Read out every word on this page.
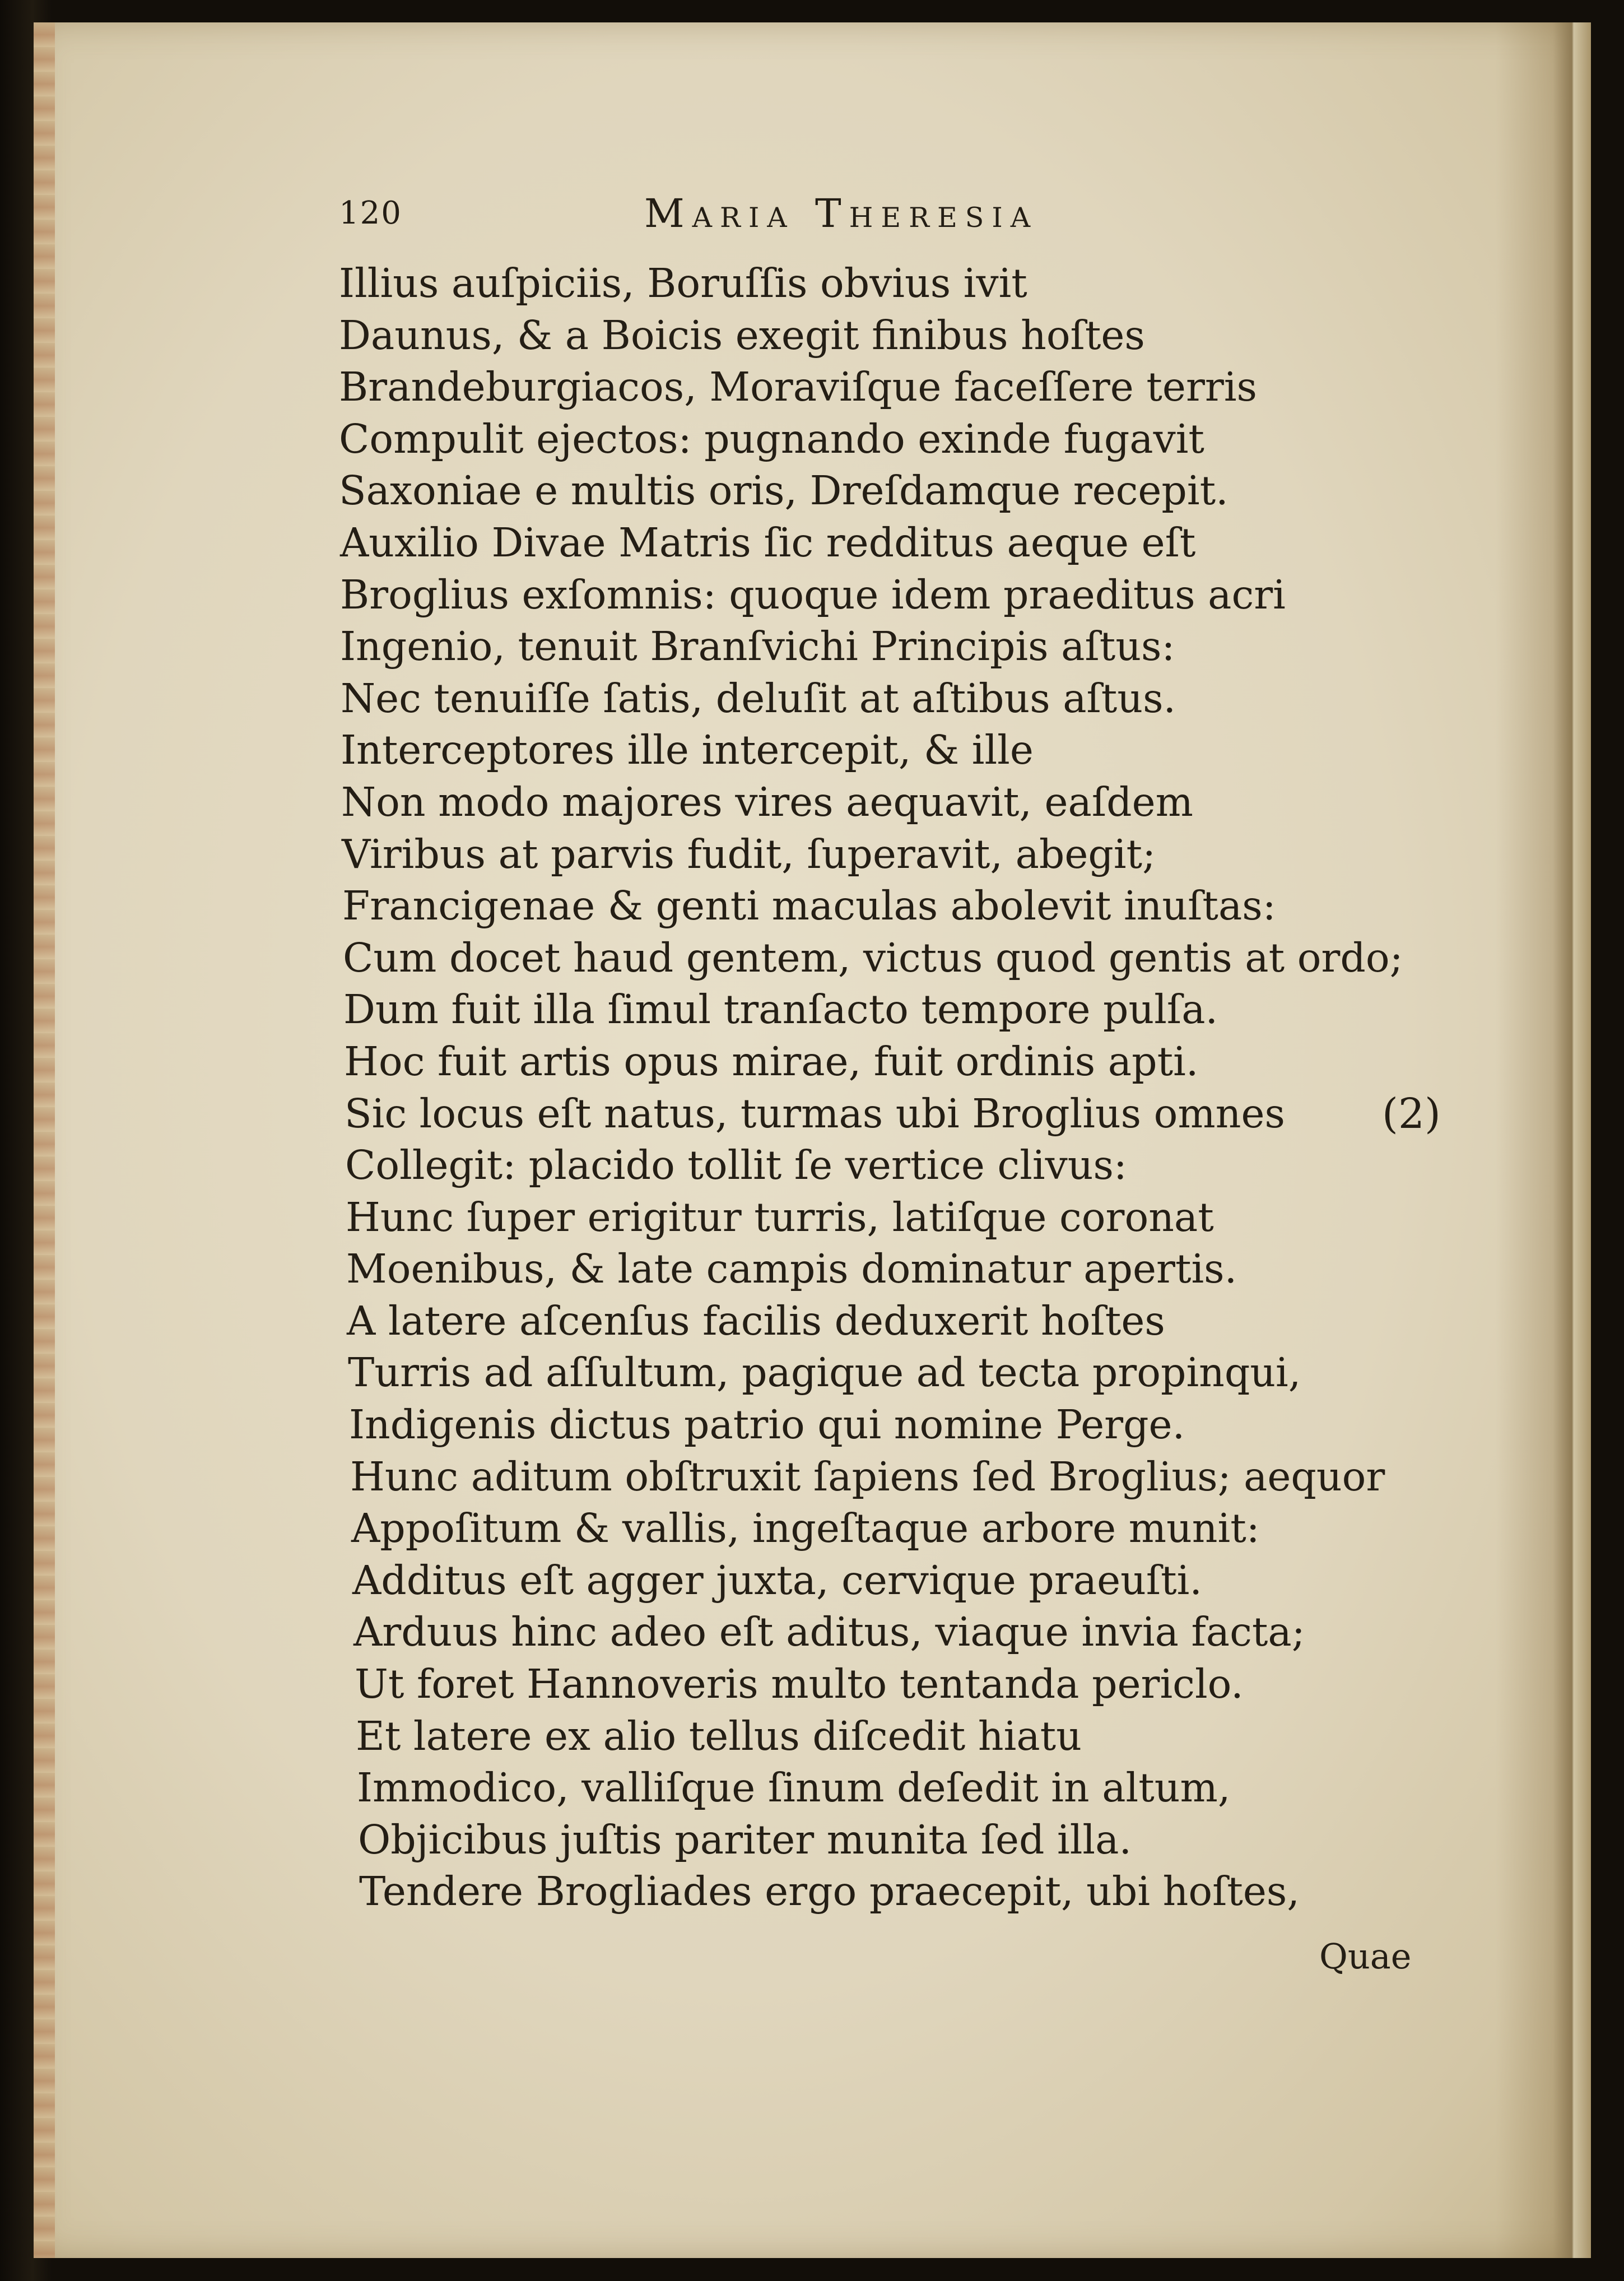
120	Maria Theresia
Illius auſpiciis, Boruſſis obvius ivit
Daunus, & a Boicis exegit finibus hoſtes
Brandeburgiacos, Moraviſque faceſſere terris
Compulit ejectos: pugnando exinde fugavit
Saxoniae e multis oris, Dreſdamque recepit.
Auxilio Divae Matris ſic redditus aeque eſt
Broglius exſomnis: quoque idem praeditus acri
Ingenio, tenuit Branſvichi Principis aſtus:
Nec tenuiſſe ſatis, deluſit at aſtibus aſtus.
Interceptores ille intercepit, & ille
Non modo majores vires aequavit, eaſdem
Viribus at parvis fudit, ſuperavit, abegit;
Francigenae & genti maculas abolevit inuſtas:
Cum docet haud gentem, victus quod gentis at ordo;
Dum fuit illa ſimul tranſacto tempore pulſa.
Hoc fuit artis opus mirae, fuit ordinis apti.
Sic locus eſt natus, turmas ubi Broglius omnes (2)
Collegit: placido tollit ſe vertice clivus:
Hunc ſuper erigitur turris, latiſque coronat
Moenibus, & late campis dominatur apertis.
A latere aſcenſus facilis deduxerit hoſtes
Turris ad aſſultum, pagique ad tecta propinqui,
Indigenis dictus patrio qui nomine Perge.
Hunc aditum obſtruxit ſapiens ſed Broglius; aequor
Appoſitum & vallis, ingeſtaque arbore munit:
Additus eſt agger juxta, cervique praeuſti.
Arduus hinc adeo eſt aditus, viaque invia facta;
Ut foret Hannoveris multo tentanda periclo.
Et latere ex alio tellus diſcedit hiatu
Immodico, valliſque ſinum deſedit in altum,
Objicibus juſtis pariter munita ſed illa.
Tendere Brogliades ergo praecepit, ubi hoſtes,
Quae
